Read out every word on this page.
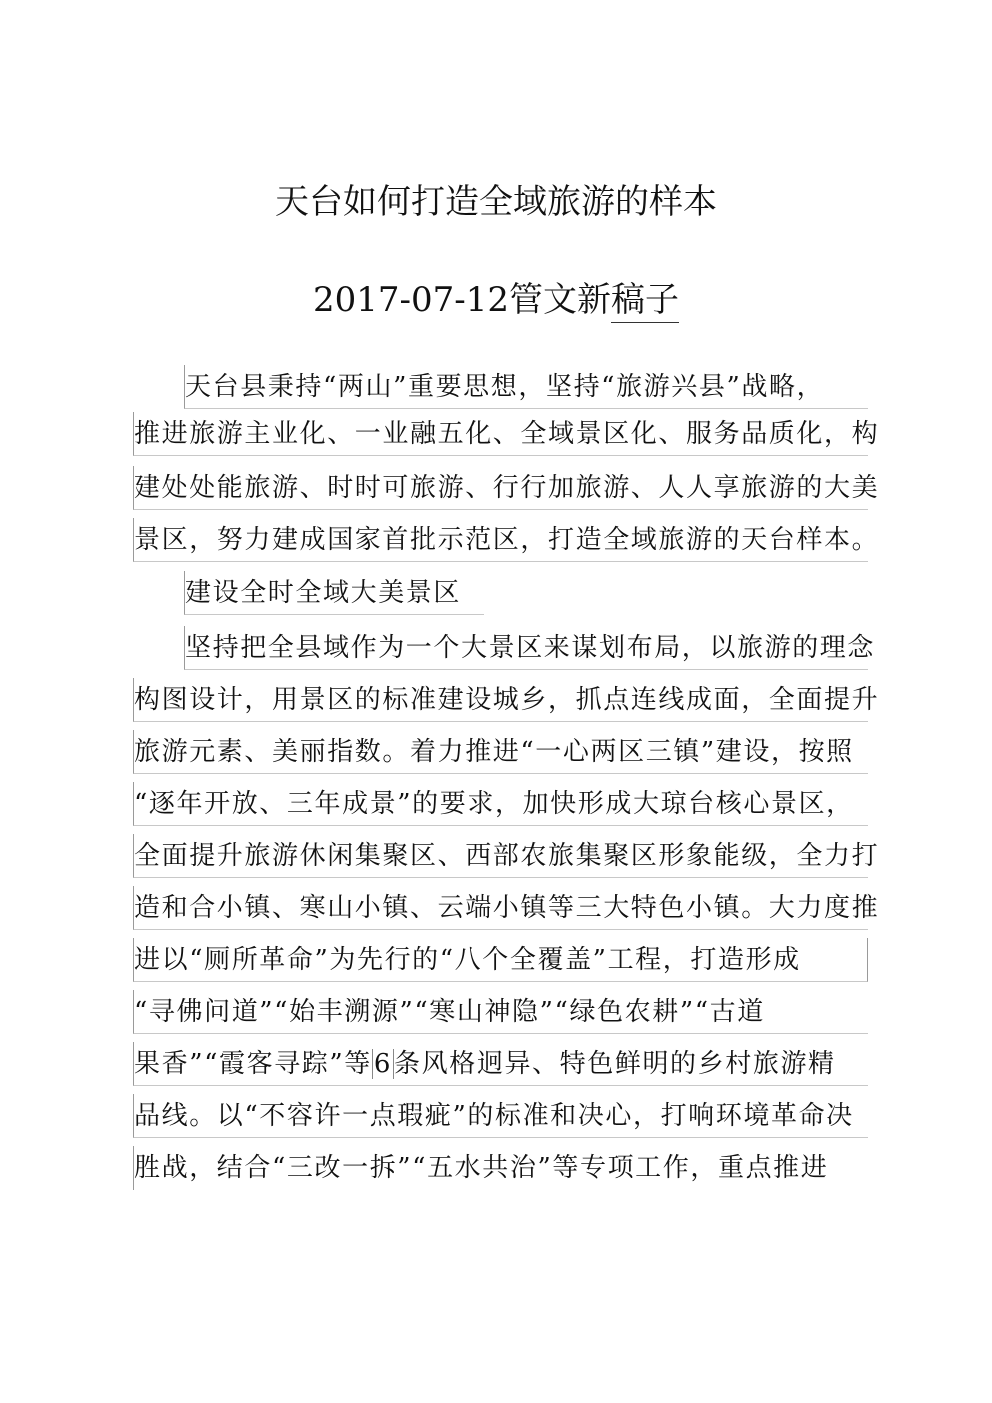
天台如何打造全域旅游的样本
2017-07-12管文新稿子
天台县秉持“两山”重要思想，坚持“旅游兴县”战略，
推进旅游主业化、一业融五化、全域景区化、服务品质化，构
建处处能旅游、时时可旅游、行行加旅游、人人享旅游的大美
景区，努力建成国家首批示范区，打造全域旅游的天台样本。
建设全时全域大美景区
坚持把全县域作为一个大景区来谋划布局，以旅游的理念
构图设计，用景区的标准建设城乡，抓点连线成面，全面提升
旅游元素、美丽指数。着力推进“一心两区三镇”建设，按照
“逐年开放、三年成景”的要求，加快形成大琼台核心景区，
全面提升旅游休闲集聚区、西部农旅集聚区形象能级，全力打
造和合小镇、寒山小镇、云端小镇等三大特色小镇。大力度推
进以“厕所革命”为先行的“八个全覆盖”工程，打造形成
“寻佛问道”“始丰溯源”“寒山神隐”“绿色农耕”“古道
果香”“霞客寻踪”等6条风格迥异、特色鲜明的乡村旅游精
品线。以“不容许一点瑕疵”的标准和决心，打响环境革命决
胜战，结合“三改一拆”“五水共治”等专项工作，重点推进
